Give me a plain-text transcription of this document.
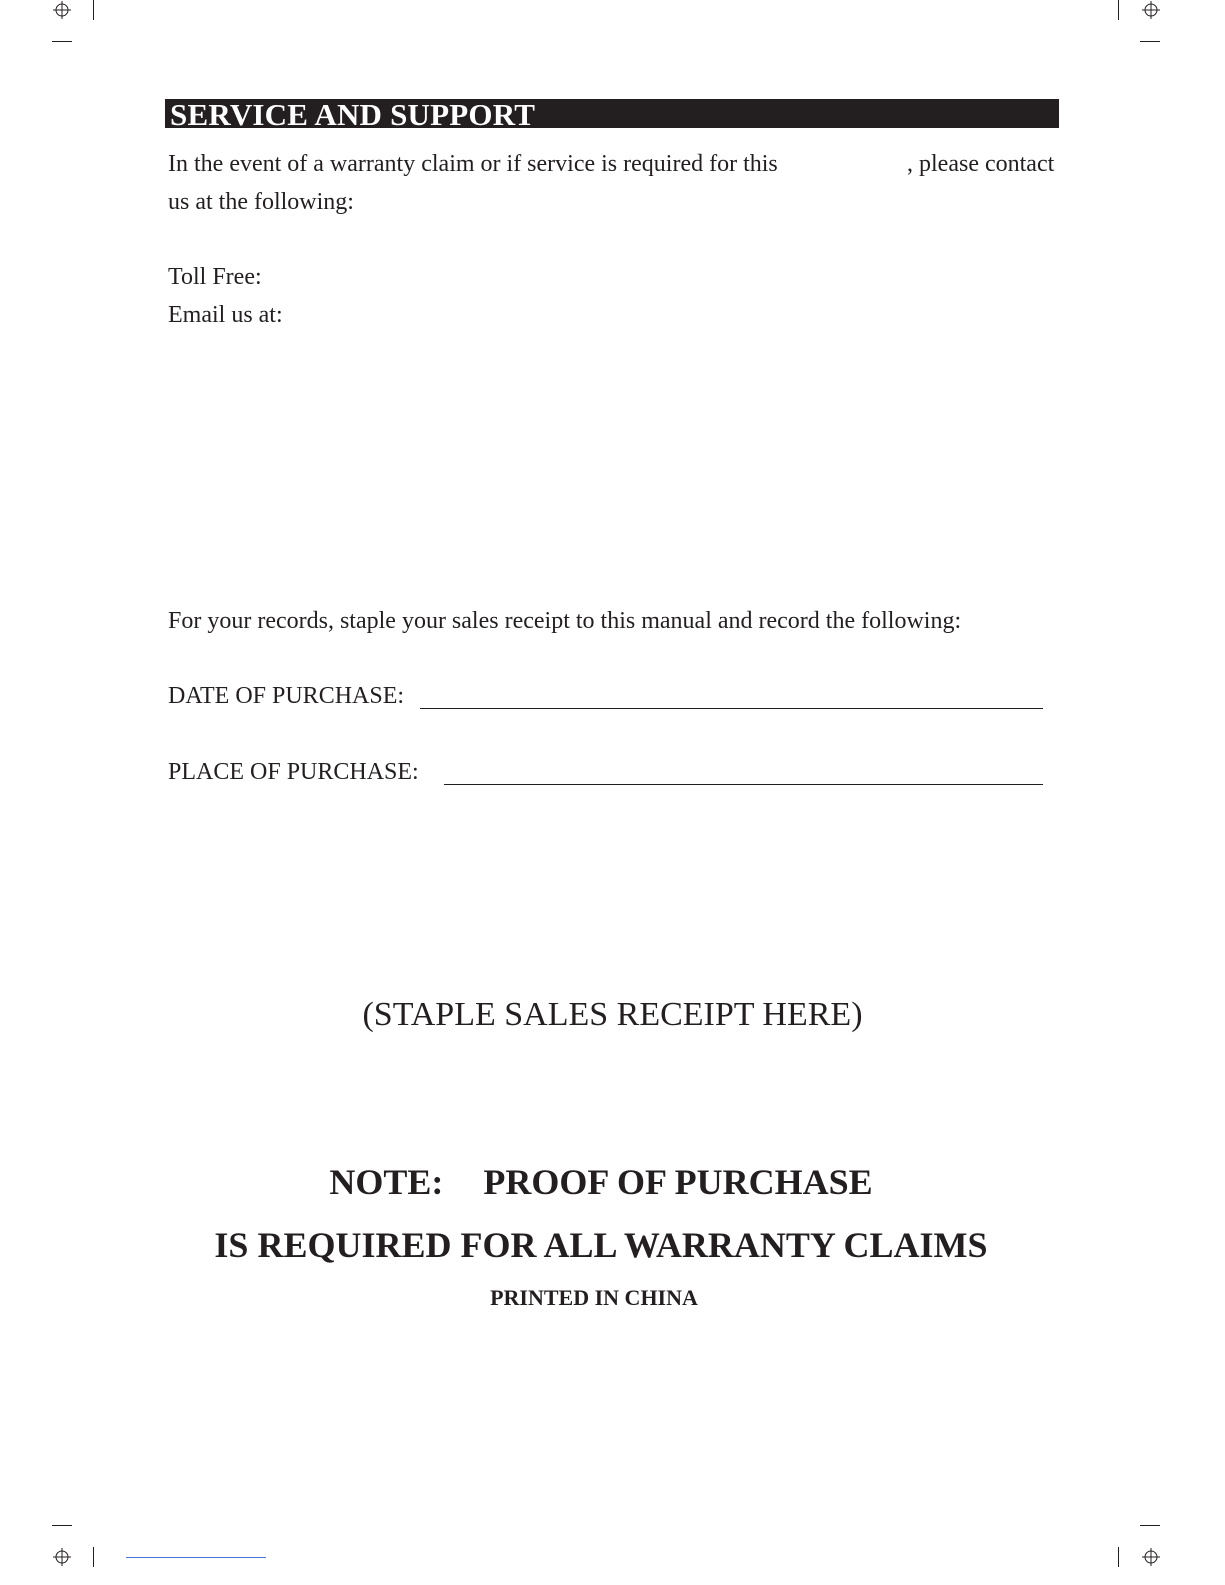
SERVICE AND SUPPORT
In the event of a warranty claim or if service is required for this	, please contact
us at the following:
Toll Free:
Email us at:
For your records, staple your sales receipt to this manual and record the following:
DATE OF PURCHASE:
PLACE OF PURCHASE:
(STAPLE SALES RECEIPT HERE)
NOTE: PROOF OF PURCHASE
IS REQUIRED FOR ALL WARRANTY CLAIMS
PRINTED IN CHINA
